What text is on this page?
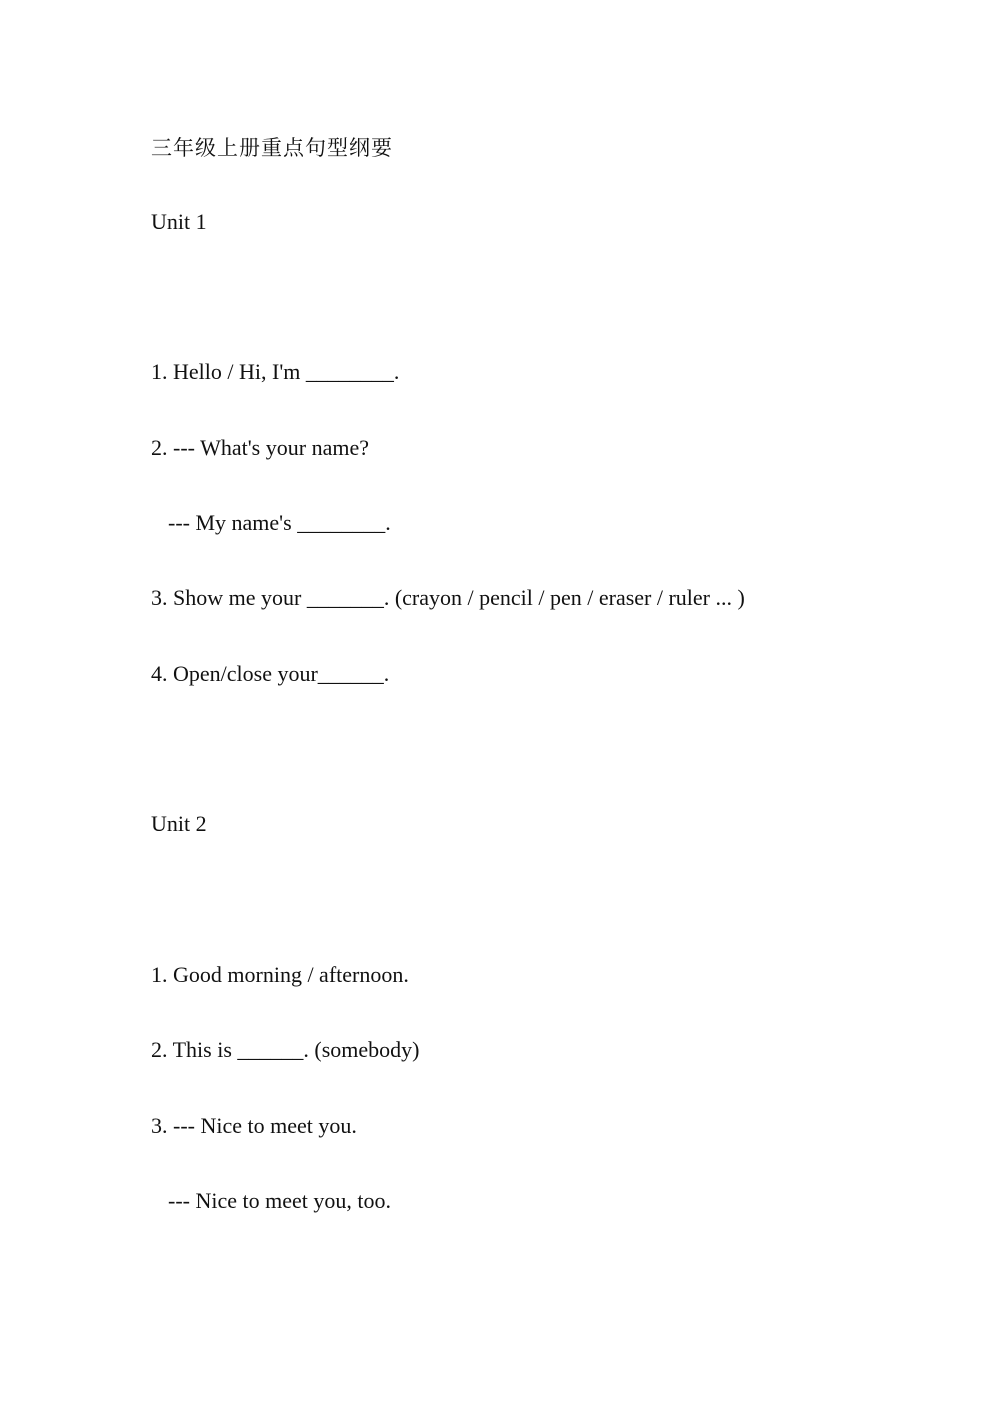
三年级上册重点句型纲要
Unit 1
1. Hello / Hi, I'm ________.
2. --- What's your name?
--- My name's ________.
3. Show me your _______. (crayon / pencil / pen / eraser / ruler ... )
4. Open/close your______.
Unit 2
1. Good morning / afternoon.
2. This is ______. (somebody)
3. --- Nice to meet you.
--- Nice to meet you, too.
